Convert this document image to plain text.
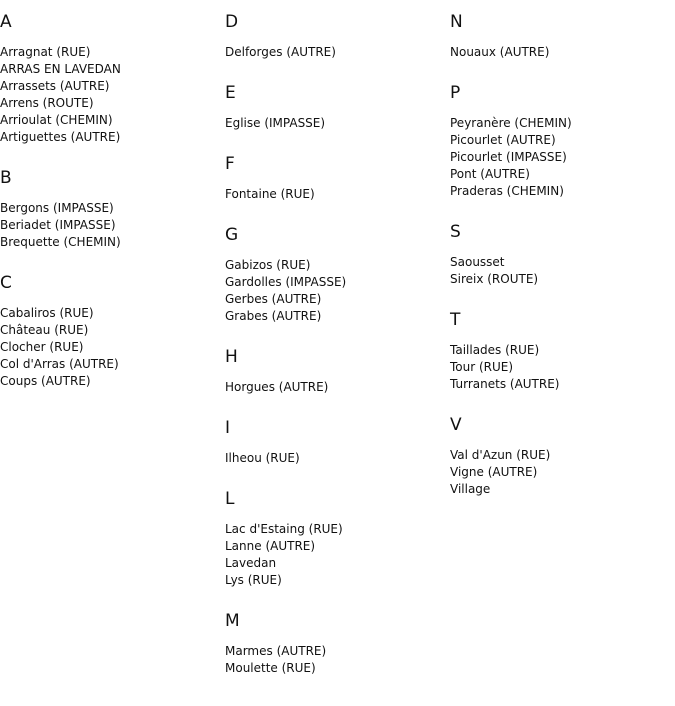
A
Arragnat (RUE)
ARRAS EN LAVEDAN
Arrassets (AUTRE)
Arrens (ROUTE)
Arrioulat (CHEMIN)
Artiguettes (AUTRE)
B
Bergons (IMPASSE)
Beriadet (IMPASSE)
Brequette (CHEMIN)
C
Cabaliros (RUE)
Château (RUE)
Clocher (RUE)
Col d'Arras (AUTRE)
Coups (AUTRE)
D
Delforges (AUTRE)
E
Eglise (IMPASSE)
F
Fontaine (RUE)
G
Gabizos (RUE)
Gardolles (IMPASSE)
Gerbes (AUTRE)
Grabes (AUTRE)
H
Horgues (AUTRE)
I
Ilheou (RUE)
L
Lac d'Estaing (RUE)
Lanne (AUTRE)
Lavedan
Lys (RUE)
M
Marmes (AUTRE)
Moulette (RUE)
N
Nouaux (AUTRE)
P
Peyranère (CHEMIN)
Picourlet (AUTRE)
Picourlet (IMPASSE)
Pont (AUTRE)
Praderas (CHEMIN)
S
Saousset
Sireix (ROUTE)
T
Taillades (RUE)
Tour (RUE)
Turranets (AUTRE)
V
Val d'Azun (RUE)
Vigne (AUTRE)
Village
